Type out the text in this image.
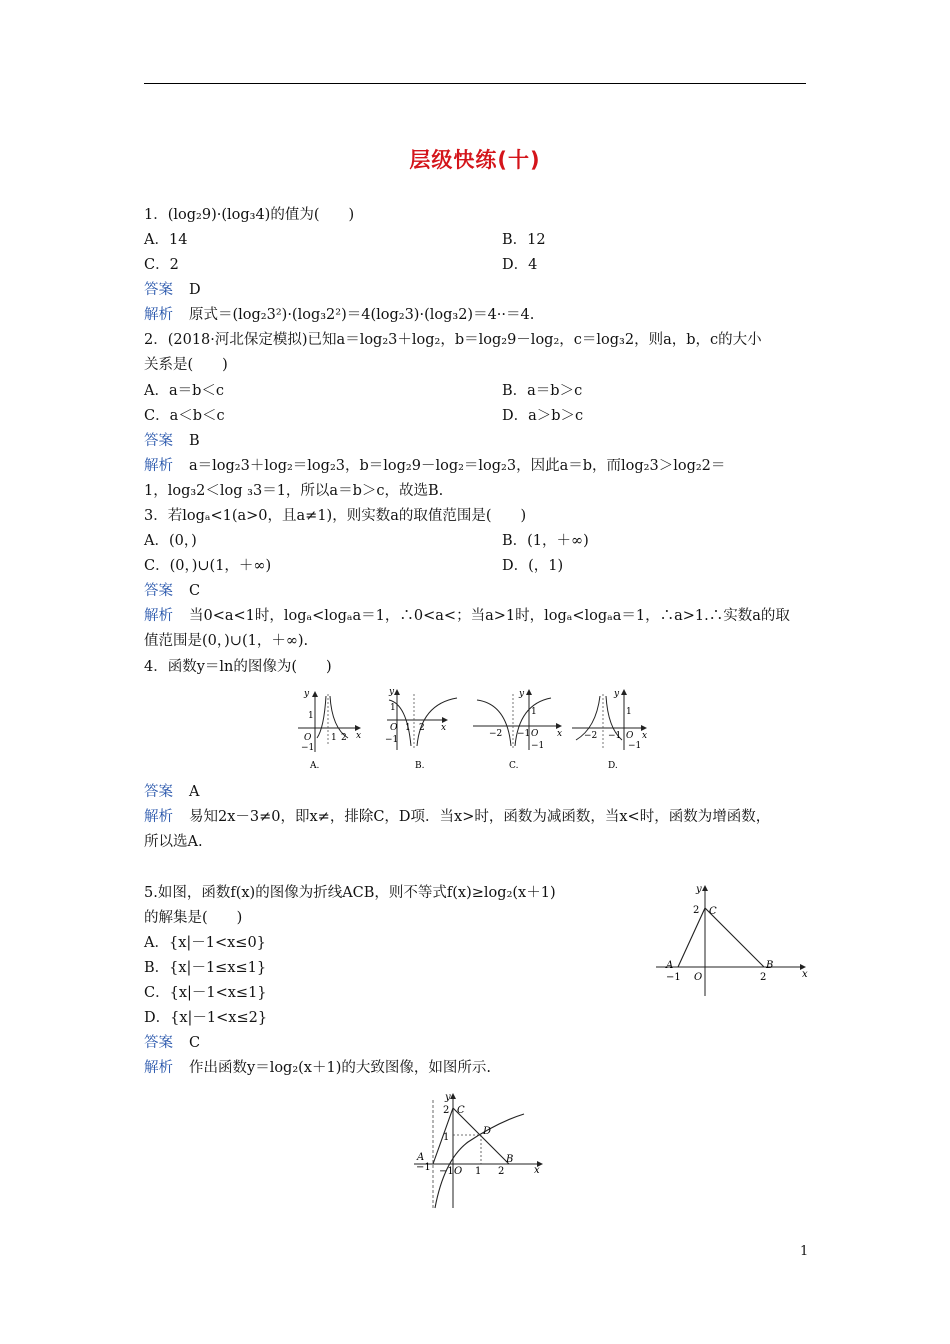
层级快练(十)
1．(log₂9)·(log₃4)的值为(　　)
A．14	B．12
C．2	D．4
答案 D
解析 原式＝(log₂3²)·(log₃2²)＝4(log₂3)·(log₃2)＝4··＝4.
2．(2018·河北保定模拟)已知a＝log₂3＋log₂，b＝log₂9－log₂，c＝log₃2，则a，b，c的大小
关系是(　　)
A．a＝b＜c	B．a＝b＞c
C．a＜b＜c	D．a＞b＞c
答案 B
解析 a＝log₂3＋log₂＝log₂3，b＝log₂9－log₂＝log₂3，因此a＝b，而log₂3＞log₂2＝
1，log₃2＜log ₃3＝1，所以a＝b＞c，故选B.
3．若logₐ<1(a>0，且a≠1)，则实数a的取值范围是(　　)
A．(0，)	B．(1，＋∞)
C．(0，)∪(1，＋∞)	D．(，1)
答案 C
解析 当0<a<1时，logₐ<logₐa＝1，∴0<a<；当a>1时，logₐ<logₐa＝1，∴a>1.∴实数a的取
值范围是(0，)∪(1，＋∞).
4．函数y＝ln的图像为(　　)
y
x
O
1
−1
1 2
A.
y
x
O
1
−1
1 2
B.
y
x
O
1
−1
−2 −1
C.
y
x
O
1
−1
−2 −1
D.
答案 A
解析 易知2x－3≠0，即x≠，排除C，D项．当x>时，函数为减函数，当x<时，函数为增函数，
所以选A.
5.如图，函数f(x)的图像为折线ACB，则不等式f(x)≥log₂(x＋1)
的解集是(　　)
A．{x|－1<x≤0}
B．{x|－1≤x≤1}
C．{x|－1<x≤1}
D．{x|－1<x≤2}
答案 C
解析 作出函数y＝log₂(x＋1)的大致图像，如图所示.
y
x
2 C
A
−1 O
B
2
y
x
2 C
1
D
A
−1 −1 O 1 2
B
1
